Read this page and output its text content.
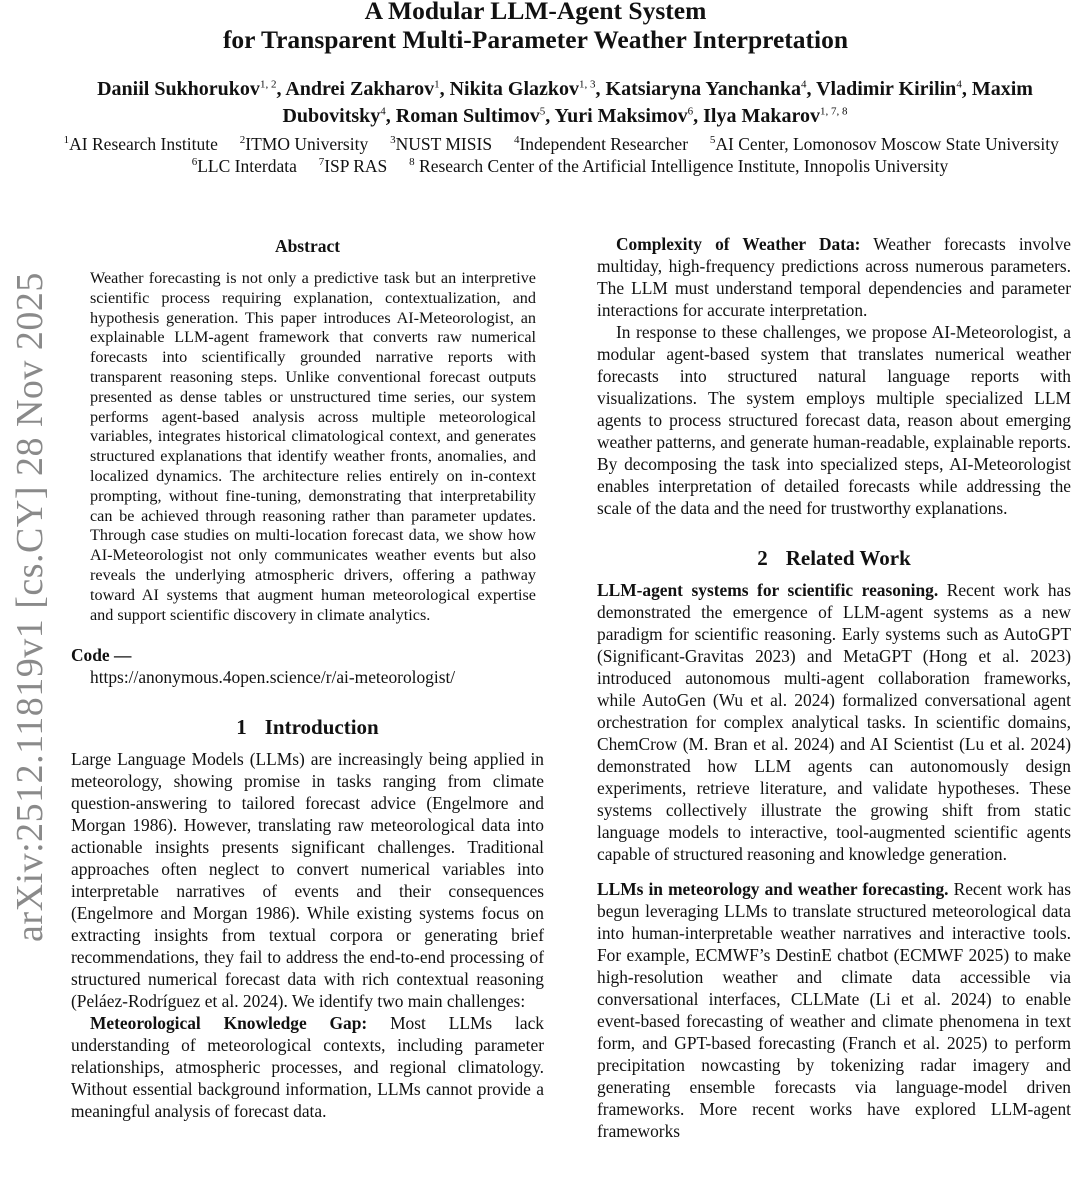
A Modular LLM-Agent System
for Transparent Multi-Parameter Weather Interpretation
Daniil Sukhorukov$^{1, 2}$, Andrei Zakharov$^1$, Nikita Glazkov$^{1, 3}$, Katsiaryna Yanchanka$^4$, Vladimir Kirilin$^4$, Maxim Dubovitsky$^4$, Roman Sultimov$^5$, Yuri Maksimov$^6$, Ilya Makarov$^{1, 7, 8}$
$^1$AI Research Institute $^2$ITMO University $^3$NUST MISIS $^4$Independent Researcher $^5$AI Center, Lomonosov Moscow State University     $^6$LLC Interdata $^7$ISP RAS $^8$ Research Center of the Artificial Intelligence Institute, Innopolis University
arXiv:2512.11819v1 [cs.CY] 28 Nov 2025
Abstract
Weather forecasting is not only a predictive task but an interpretive scientific process requiring explanation, contextualization, and hypothesis generation. This paper introduces AI-Meteorologist, an explainable LLM-agent framework that converts raw numerical forecasts into scientifically grounded narrative reports with transparent reasoning steps. Unlike conventional forecast outputs presented as dense tables or unstructured time series, our system performs agent-based analysis across multiple meteorological variables, integrates historical climatological context, and generates structured explanations that identify weather fronts, anomalies, and localized dynamics. The architecture relies entirely on in-context prompting, without fine-tuning, demonstrating that interpretability can be achieved through reasoning rather than parameter updates. Through case studies on multi-location forecast data, we show how AI-Meteorologist not only communicates weather events but also reveals the underlying atmospheric drivers, offering a pathway toward AI systems that augment human meteorological expertise and support scientific discovery in climate analytics.
Code —
https://anonymous.4open.science/r/ai-meteorologist/
1 Introduction

Large Language Models (LLMs) are increasingly being applied in meteorology, showing promise in tasks ranging from climate question-answering to tailored forecast advice (Engelmore and Morgan 1986). However, translating raw meteorological data into actionable insights presents significant challenges. Traditional approaches often neglect to convert numerical variables into interpretable narratives of events and their consequences (Engelmore and Morgan 1986). While existing systems focus on extracting insights from textual corpora or generating brief recommendations, they fail to address the end-to-end processing of structured numerical forecast data with rich contextual reasoning (Peláez-Rodríguez et al. 2024). We identify two main challenges:

Meteorological Knowledge Gap: Most LLMs lack understanding of meteorological contexts, including parameter relationships, atmospheric processes, and regional climatology. Without essential background information, LLMs cannot provide a meaningful analysis of forecast data.

Complexity of Weather Data: Weather forecasts involve multiday, high-frequency predictions across numerous parameters. The LLM must understand temporal dependencies and parameter interactions for accurate interpretation.

In response to these challenges, we propose AI-Meteorologist, a modular agent-based system that translates numerical weather forecasts into structured natural language reports with visualizations. The system employs multiple specialized LLM agents to process structured forecast data, reason about emerging weather patterns, and generate human-readable, explainable reports. By decomposing the task into specialized steps, AI-Meteorologist enables interpretation of detailed forecasts while addressing the scale of the data and the need for trustworthy explanations.

2 Related Work

LLM-agent systems for scientific reasoning. Recent work has demonstrated the emergence of LLM-agent systems as a new paradigm for scientific reasoning. Early systems such as AutoGPT (Significant-Gravitas 2023) and MetaGPT (Hong et al. 2023) introduced autonomous multi-agent collaboration frameworks, while AutoGen (Wu et al. 2024) formalized conversational agent orchestration for complex analytical tasks. In scientific domains, ChemCrow (M. Bran et al. 2024) and AI Scientist (Lu et al. 2024) demonstrated how LLM agents can autonomously design experiments, retrieve literature, and validate hypotheses. These systems collectively illustrate the growing shift from static language models to interactive, tool-augmented scientific agents capable of structured reasoning and knowledge generation.

LLMs in meteorology and weather forecasting. Recent work has begun leveraging LLMs to translate structured meteorological data into human-interpretable weather narratives and interactive tools. For example, ECMWF’s DestinE chatbot (ECMWF 2025) to make high-resolution weather and climate data accessible via conversational interfaces, CLLMate (Li et al. 2024) to enable event-based forecasting of weather and climate phenomena in text form, and GPT-based forecasting (Franch et al. 2025) to perform precipitation nowcasting by tokenizing radar imagery and generating ensemble forecasts via language-model driven frameworks. More recent works have explored LLM-agent frameworks
